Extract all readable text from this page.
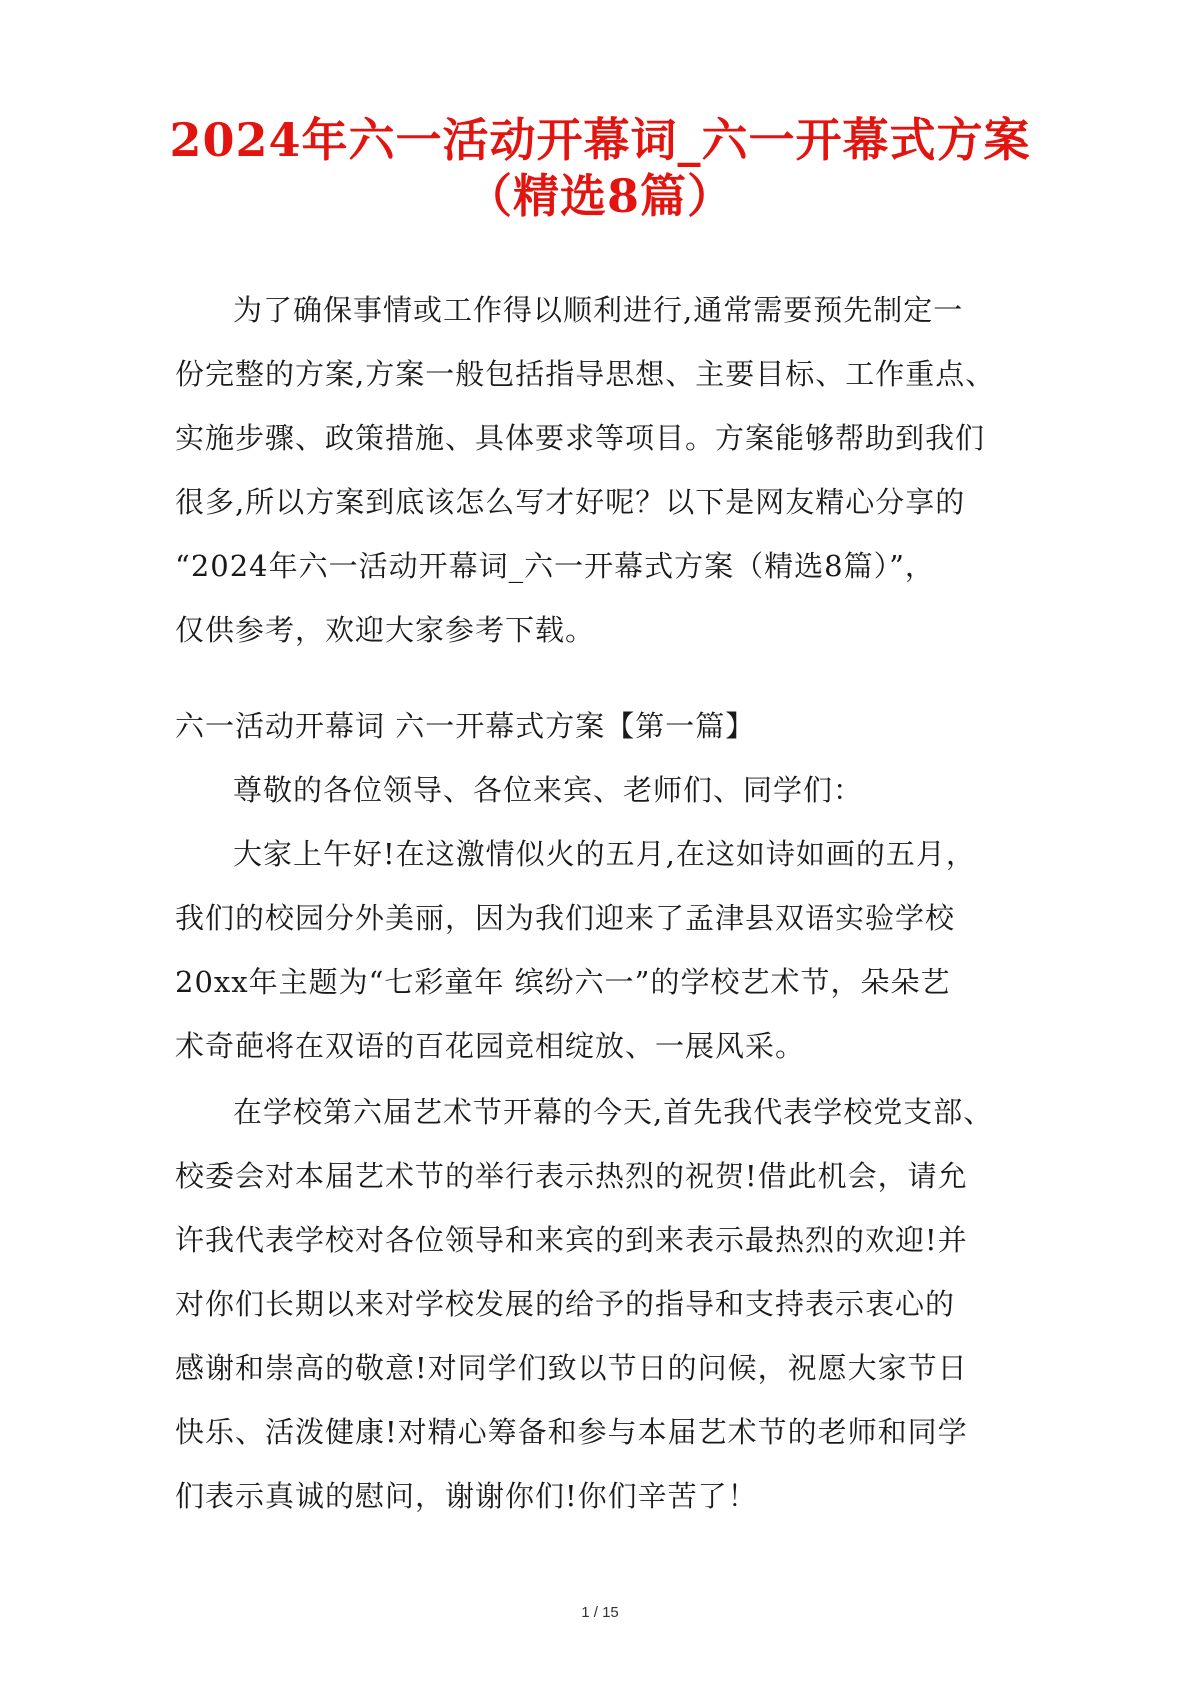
2024年六一活动开幕词_六一开幕式方案
（精选8篇）
为了确保事情或工作得以顺利进行,通常需要预先制定一
份完整的方案,方案一般包括指导思想、主要目标、工作重点、
实施步骤、政策措施、具体要求等项目。方案能够帮助到我们
很多,所以方案到底该怎么写才好呢？以下是网友精心分享的
“2024年六一活动开幕词_六一开幕式方案（精选8篇）”，
仅供参考，欢迎大家参考下载。
六一活动开幕词 六一开幕式方案【第一篇】
尊敬的各位领导、各位来宾、老师们、同学们：
大家上午好!在这激情似火的五月,在这如诗如画的五月，
我们的校园分外美丽，因为我们迎来了孟津县双语实验学校
20xx年主题为“七彩童年 缤纷六一”的学校艺术节，朵朵艺
术奇葩将在双语的百花园竞相绽放、一展风采。
在学校第六届艺术节开幕的今天,首先我代表学校党支部、
校委会对本届艺术节的举行表示热烈的祝贺!借此机会，请允
许我代表学校对各位领导和来宾的到来表示最热烈的欢迎!并
对你们长期以来对学校发展的给予的指导和支持表示衷心的
感谢和崇高的敬意!对同学们致以节日的问候，祝愿大家节日
快乐、活泼健康!对精心筹备和参与本届艺术节的老师和同学
们表示真诚的慰问，谢谢你们!你们辛苦了！
1 / 15
